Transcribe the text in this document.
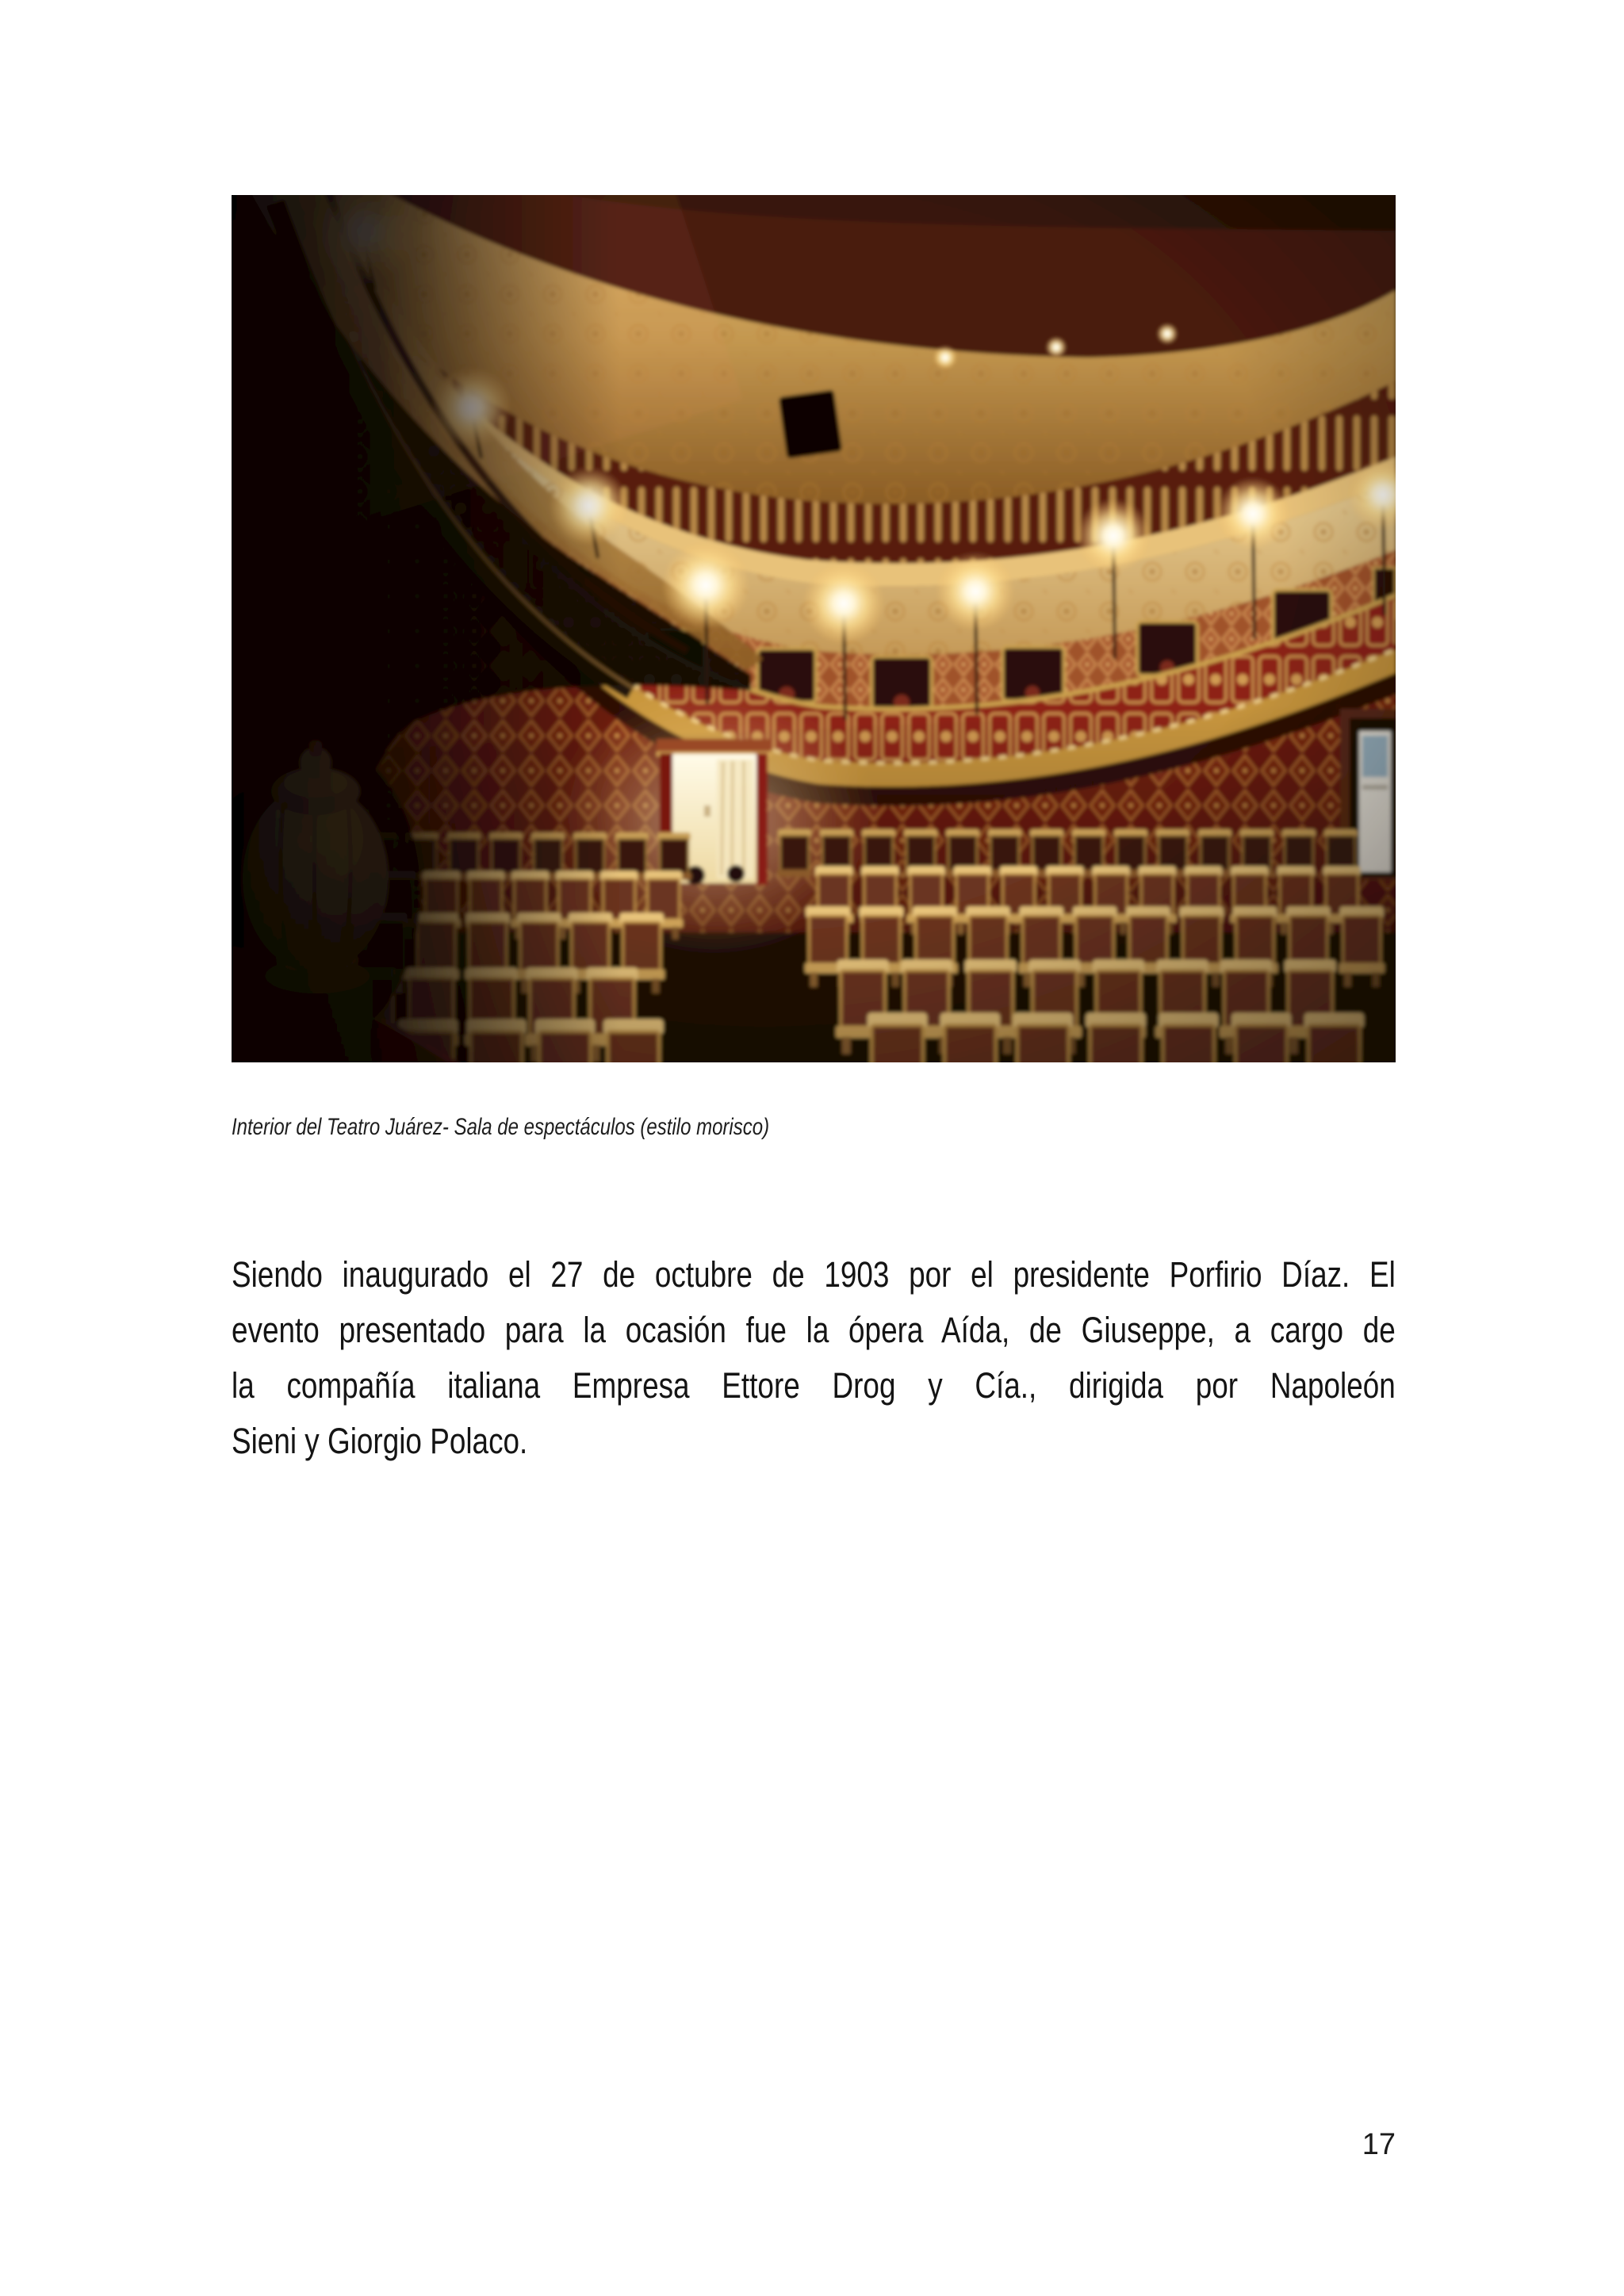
Interior del Teatro Juárez- Sala de espectáculos (estilo morisco)
Siendo inaugurado el 27 de octubre de 1903 por el presidente Porfirio Díaz. El
evento presentado para la ocasión fue la ópera Aída, de Giuseppe, a cargo de
la compañía italiana Empresa Ettore Drog y Cía., dirigida por Napoleón
Sieni y Giorgio Polaco.
17
